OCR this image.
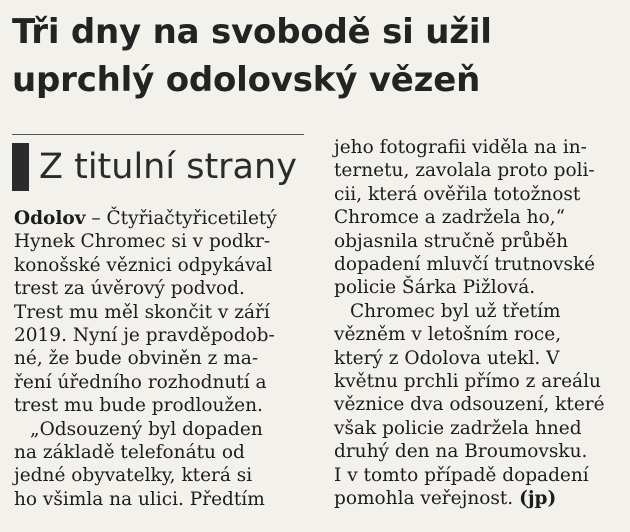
Tři dny na svobodě si užil
uprchlý odolovský vězeň
Z titulní strany
Odolov – Čtyřiačtyřicetiletý
Hynek Chromec si v podkr-
konošské věznici odpykával
trest za úvěrový podvod.
Trest mu měl skončit v září
2019. Nyní je pravděpodob-
né, že bude obviněn z ma-
ření úředního rozhodnutí a
trest mu bude prodloužen.
„Odsouzený byl dopaden
na základě telefonátu od
jedné obyvatelky, která si
ho všimla na ulici. Předtím
jeho fotografii viděla na in-
ternetu, zavolala proto poli-
cii, která ověřila totožnost
Chromce a zadržela ho,“
objasnila stručně průběh
dopadení mluvčí trutnovské
policie Šárka Pižlová.
Chromec byl už třetím
vězněm v letošním roce,
který z Odolova utekl. V
květnu prchli přímo z areálu
věznice dva odsouzení, které
však policie zadržela hned
druhý den na Broumovsku.
I v tomto případě dopadení
pomohla veřejnost. (jp)
